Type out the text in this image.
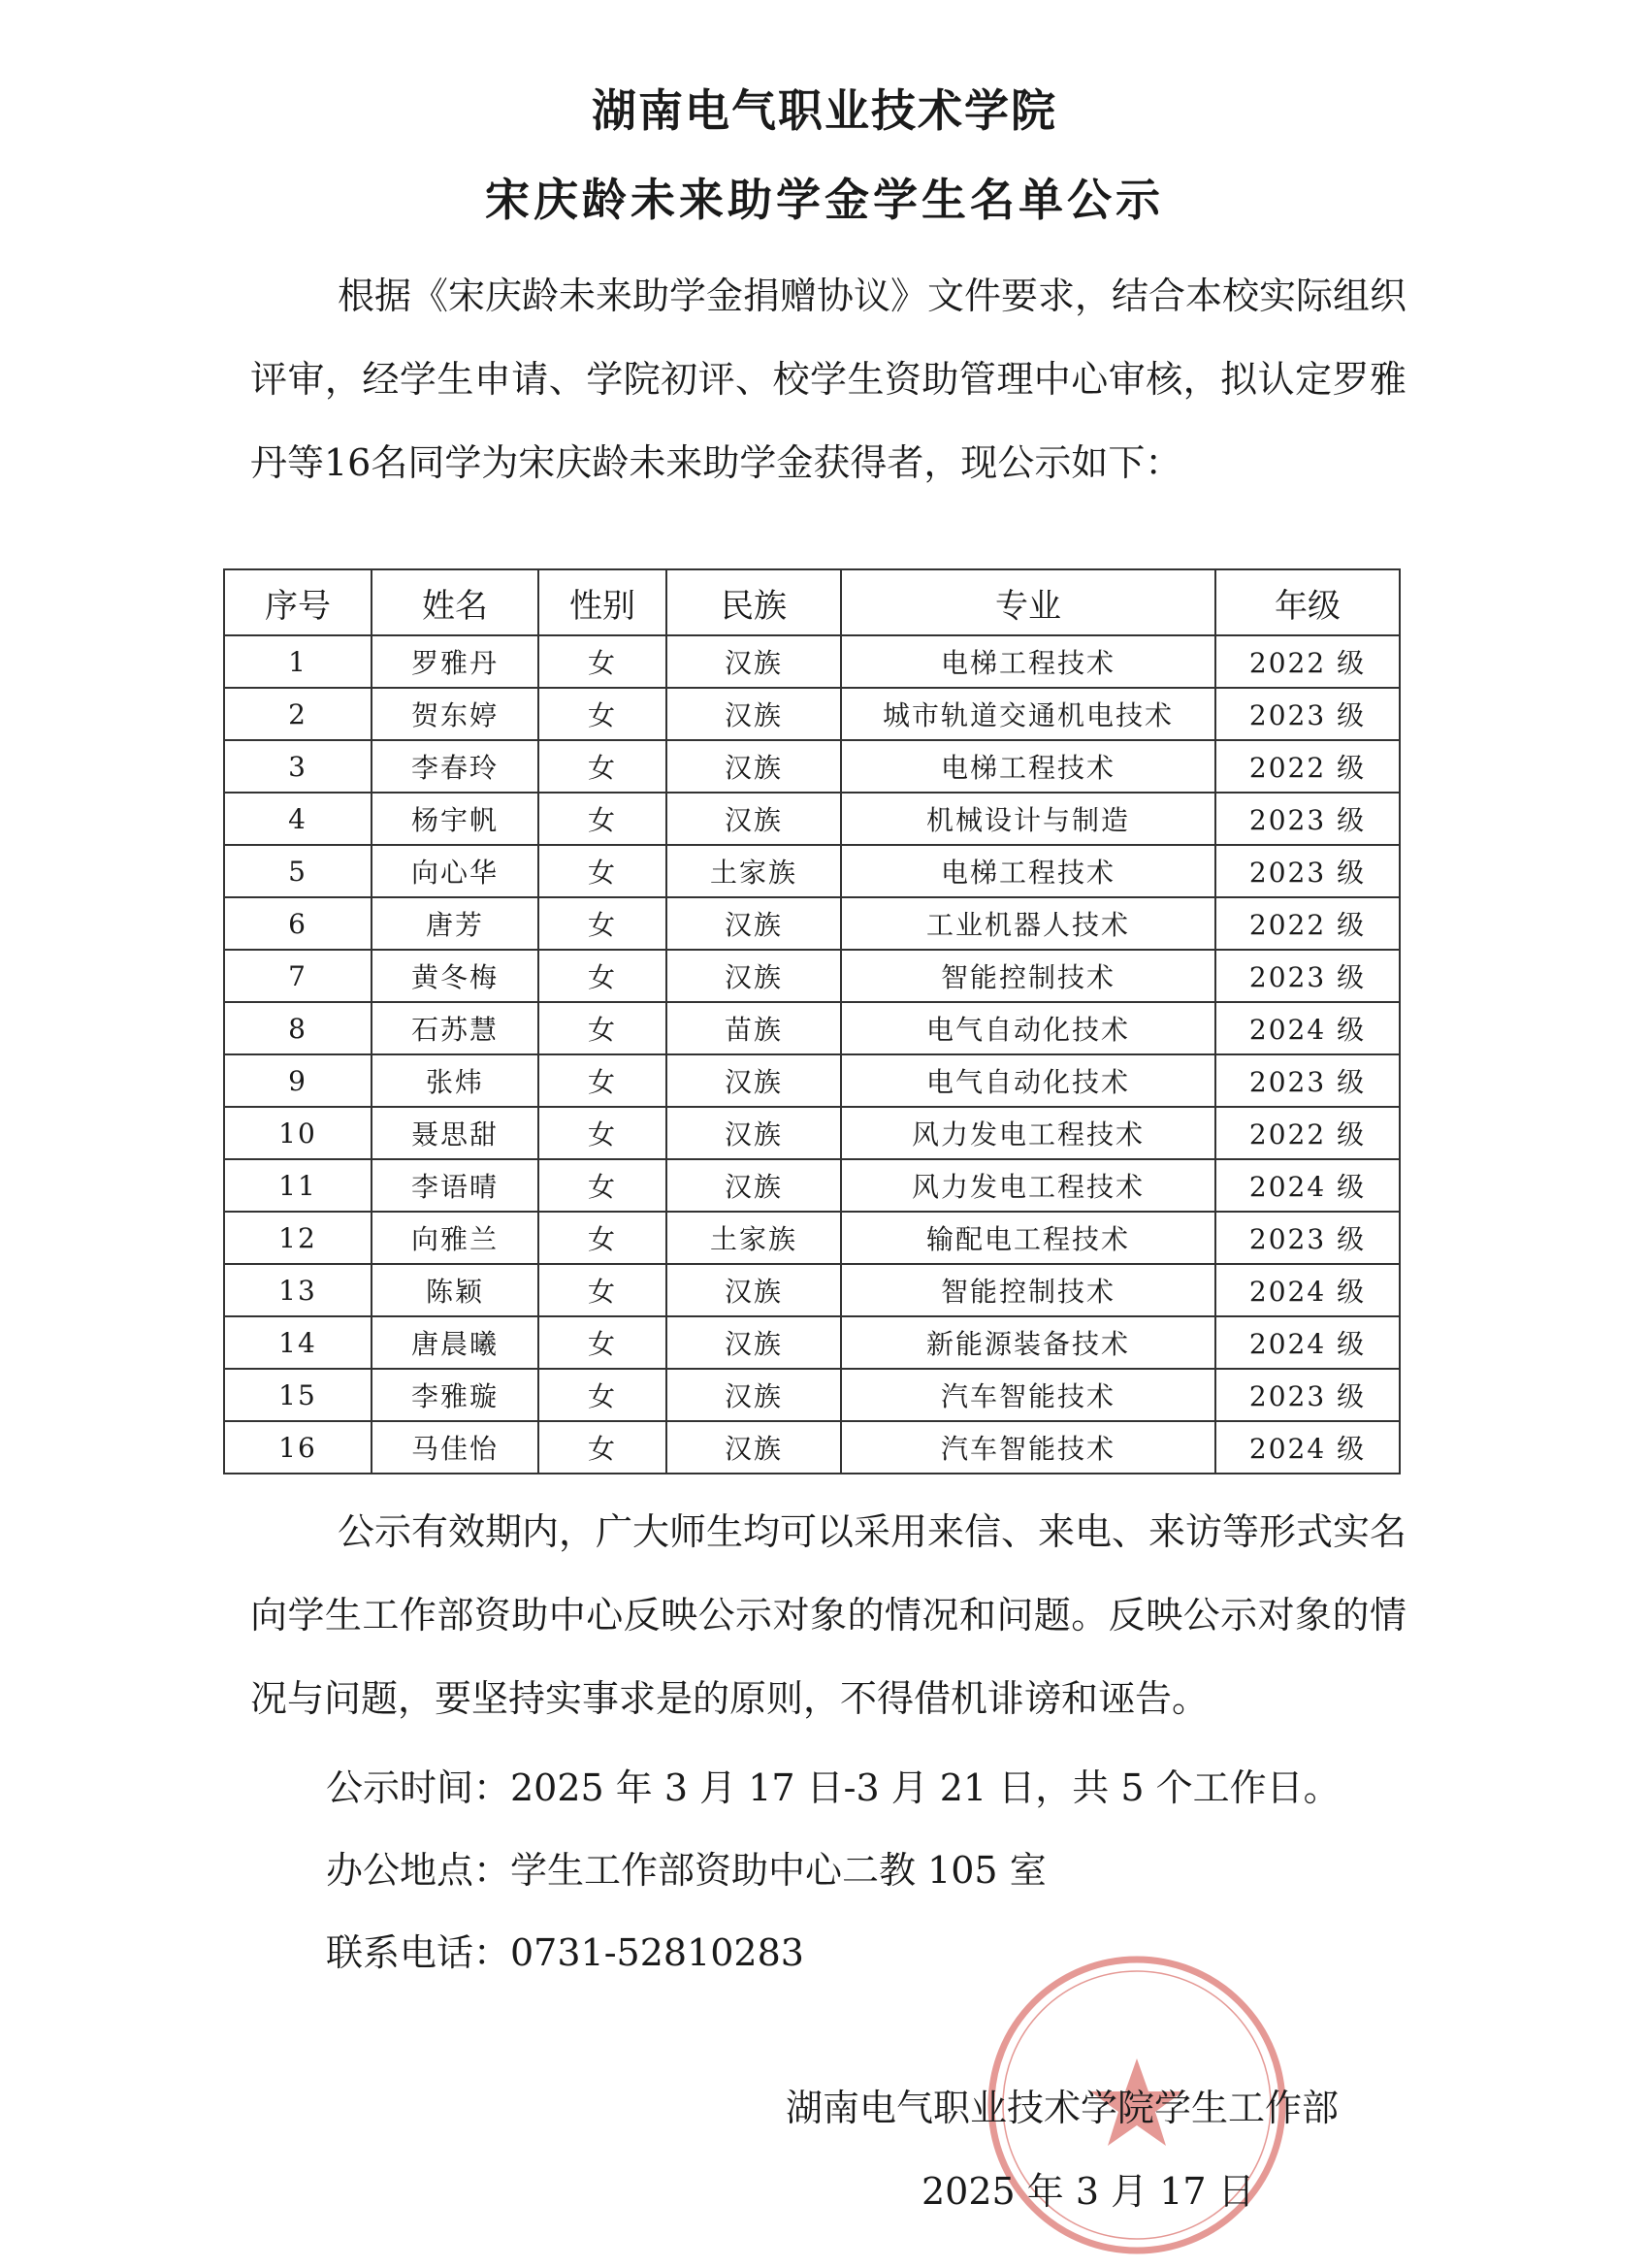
湖南电气职业技术学院
宋庆龄未来助学金学生名单公示
根据《宋庆龄未来助学金捐赠协议》文件要求，结合本校实际组织评审，经学生申请、学院初评、校学生资助管理中心审核，拟认定罗雅丹等16名同学为宋庆龄未来助学金获得者，现公示如下：
序号	姓名	性别	民族	专业	年级
1	罗雅丹	女	汉族	电梯工程技术	2022 级
2	贺东婷	女	汉族	城市轨道交通机电技术	2023 级
3	李春玲	女	汉族	电梯工程技术	2022 级
4	杨宇帆	女	汉族	机械设计与制造	2023 级
5	向心华	女	土家族	电梯工程技术	2023 级
6	唐芳	女	汉族	工业机器人技术	2022 级
7	黄冬梅	女	汉族	智能控制技术	2023 级
8	石苏慧	女	苗族	电气自动化技术	2024 级
9	张炜	女	汉族	电气自动化技术	2023 级
10	聂思甜	女	汉族	风力发电工程技术	2022 级
11	李语晴	女	汉族	风力发电工程技术	2024 级
12	向雅兰	女	土家族	输配电工程技术	2023 级
13	陈颖	女	汉族	智能控制技术	2024 级
14	唐晨曦	女	汉族	新能源装备技术	2024 级
15	李雅璇	女	汉族	汽车智能技术	2023 级
16	马佳怡	女	汉族	汽车智能技术	2024 级
公示有效期内，广大师生均可以采用来信、来电、来访等形式实名向学生工作部资助中心反映公示对象的情况和问题。反映公示对象的情况与问题，要坚持实事求是的原则，不得借机诽谤和诬告。
公示时间：2025 年 3 月 17 日-3 月 21 日，共 5 个工作日。
办公地点：学生工作部资助中心二教 105 室
联系电话：0731-52810283
湖南电气职业技术学院学生工作部
2025 年 3 月 17 日
